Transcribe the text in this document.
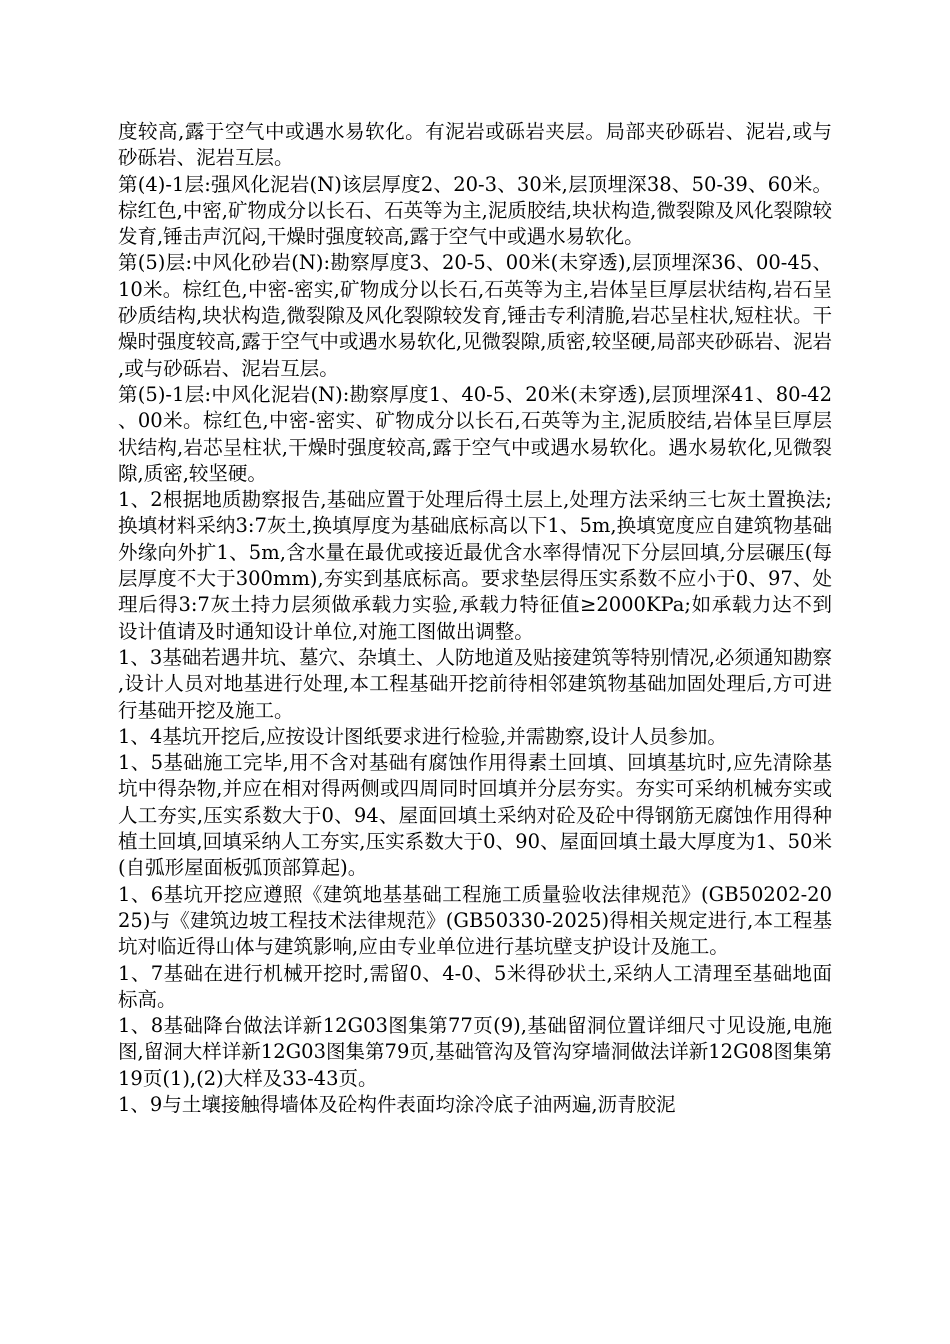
度较高,露于空气中或遇水易软化。有泥岩或砾岩夹层。局部夹砂砾岩、泥岩,或与砂砾岩、泥岩互层。

第(4)-1层:强风化泥岩(N)该层厚度2、20-3、30米,层顶埋深38、50-39、60米。棕红色,中密,矿物成分以长石、石英等为主,泥质胶结,块状构造,微裂隙及风化裂隙较发育,锤击声沉闷,干燥时强度较高,露于空气中或遇水易软化。

第(5)层:中风化砂岩(N):勘察厚度3、20-5、00米(未穿透),层顶埋深36、00-45、10米。棕红色,中密-密实,矿物成分以长石,石英等为主,岩体呈巨厚层状结构,岩石呈砂质结构,块状构造,微裂隙及风化裂隙较发育,锤击专利清脆,岩芯呈柱状,短柱状。干燥时强度较高,露于空气中或遇水易软化,见微裂隙,质密,较坚硬,局部夹砂砾岩、泥岩,或与砂砾岩、泥岩互层。

第(5)-1层:中风化泥岩(N):勘察厚度1、40-5、20米(未穿透),层顶埋深41、80-42、00米。棕红色,中密-密实、矿物成分以长石,石英等为主,泥质胶结,岩体呈巨厚层状结构,岩芯呈柱状,干燥时强度较高,露于空气中或遇水易软化。遇水易软化,见微裂隙,质密,较坚硬。

1、2根据地质勘察报告,基础应置于处理后得土层上,处理方法采纳三七灰土置换法;换填材料采纳3:7灰土,换填厚度为基础底标高以下1、5m,换填宽度应自建筑物基础外缘向外扩1、5m,含水量在最优或接近最优含水率得情况下分层回填,分层碾压(每层厚度不大于300mm),夯实到基底标高。要求垫层得压实系数不应小于0、97、处理后得3:7灰土持力层须做承载力实验,承载力特征值≥2000KPa;如承载力达不到设计值请及时通知设计单位,对施工图做出调整。

1、3基础若遇井坑、墓穴、杂填土、人防地道及贴接建筑等特别情况,必须通知勘察,设计人员对地基进行处理,本工程基础开挖前待相邻建筑物基础加固处理后,方可进行基础开挖及施工。

1、4基坑开挖后,应按设计图纸要求进行检验,并需勘察,设计人员参加。

1、5基础施工完毕,用不含对基础有腐蚀作用得素土回填、回填基坑时,应先清除基坑中得杂物,并应在相对得两侧或四周同时回填并分层夯实。夯实可采纳机械夯实或人工夯实,压实系数大于0、94、屋面回填土采纳对砼及砼中得钢筋无腐蚀作用得种植土回填,回填采纳人工夯实,压实系数大于0、90、屋面回填土最大厚度为1、50米(自弧形屋面板弧顶部算起)。

1、6基坑开挖应遵照《建筑地基基础工程施工质量验收法律规范》(GB50202-2025)与《建筑边坡工程技术法律规范》(GB50330-2025)得相关规定进行,本工程基坑对临近得山体与建筑影响,应由专业单位进行基坑壁支护设计及施工。

1、7基础在进行机械开挖时,需留0、4-0、5米得砂状土,采纳人工清理至基础地面标高。

1、8基础降台做法详新12G03图集第77页(9),基础留洞位置详细尺寸见设施,电施图,留洞大样详新12G03图集第79页,基础管沟及管沟穿墙洞做法详新12G08图集第19页(1),(2)大样及33-43页。

1、9与土壤接触得墙体及砼构件表面均涂冷底子油两遍,沥青胶泥
